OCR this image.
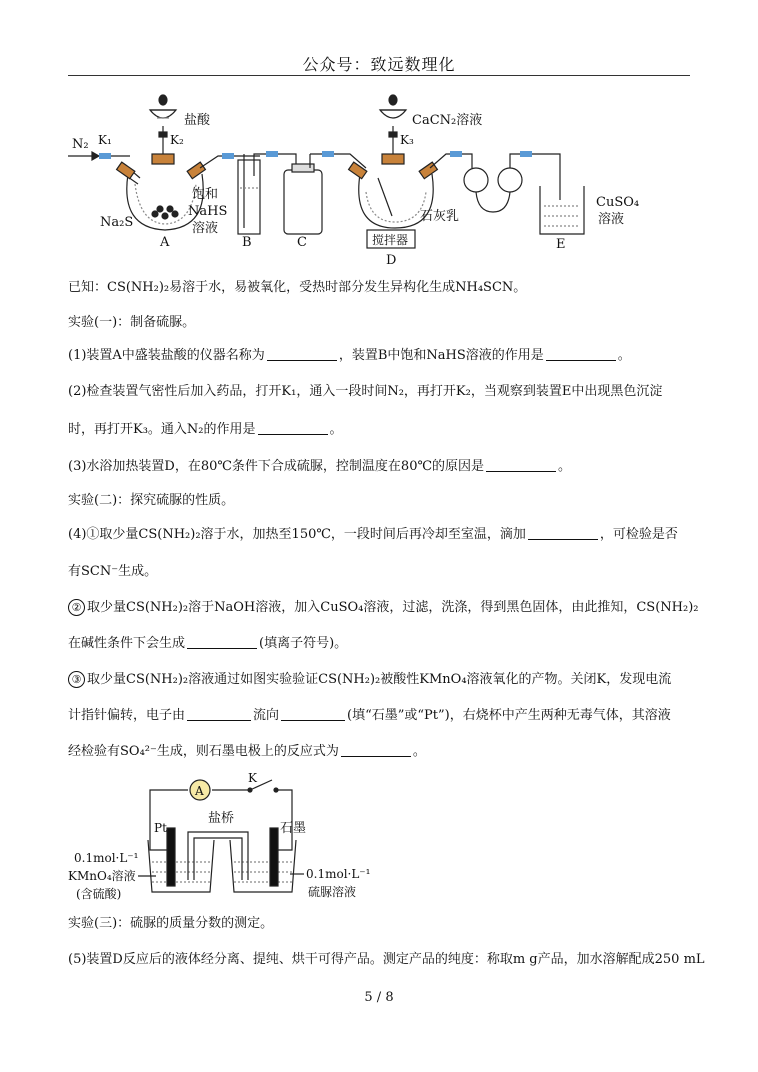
公众号：致远数理化
N₂ K₁
盐酸
K₂
Na₂S
A
饱和
NaHS
溶液
B	C
CaCN₂溶液
K₃
石灰乳
搅拌器
D
CuSO₄
溶液
E
已知：CS(NH₂)₂易溶于水，易被氧化，受热时部分发生异构化生成NH₄SCN。
实验(一)：制备硫脲。
(1)装置A中盛装盐酸的仪器名称为	，装置B中饱和NaHS溶液的作用是	。
(2)检查装置气密性后加入药品，打开K₁，通入一段时间N₂，再打开K₂，当观察到装置E中出现黑色沉淀
时，再打开K₃。通入N₂的作用是	。
(3)水浴加热装置D，在80℃条件下合成硫脲，控制温度在80℃的原因是	。
实验(二)：探究硫脲的性质。
(4)①取少量CS(NH₂)₂溶于水，加热至150℃，一段时间后再冷却至室温，滴加	，可检验是否
有SCN⁻生成。
② 取少量CS(NH₂)₂溶于NaOH溶液，加入CuSO₄溶液，过滤，洗涤，得到黑色固体，由此推知，CS(NH₂)₂
在碱性条件下会生成	(填离子符号)。
③ 取少量CS(NH₂)₂溶液通过如图实验验证CS(NH₂)₂被酸性KMnO₄溶液氧化的产物。关闭K，发现电流
计指针偏转，电子由	流向	(填“石墨”或“Pt”)，右烧杯中产生两种无毒气体，其溶液
经检验有SO₄²⁻生成，则石墨电极上的反应式为	。
A
K
盐桥
Pt	石墨
0.1mol·L⁻¹
KMnO₄溶液
(含硫酸)
0.1mol·L⁻¹
硫脲溶液
实验(三)：硫脲的质量分数的测定。
(5)装置D反应后的液体经分离、提纯、烘干可得产品。测定产品的纯度：称取m g产品，加水溶解配成250 mL
5 / 8
